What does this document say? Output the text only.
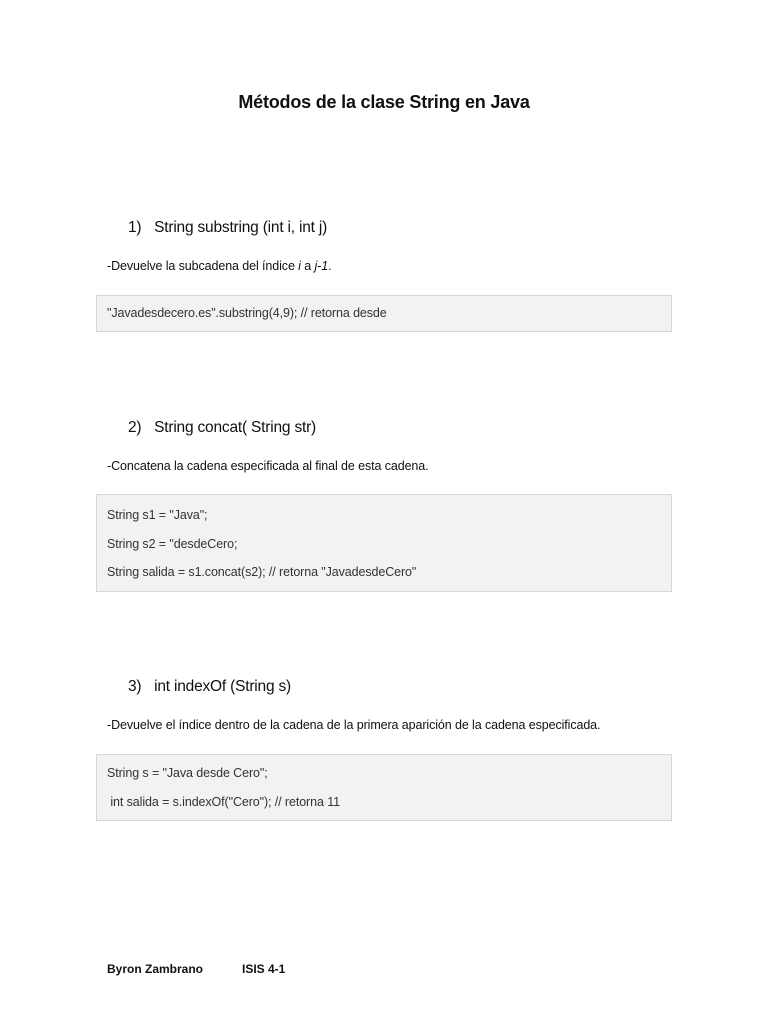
Métodos de la clase String en Java
1) String substring (int i, int j)
-Devuelve la subcadena del índice i a j-1.
"Javadesdecero.es".substring(4,9); // retorna desde
2) String concat( String str)
-Concatena la cadena especificada al final de esta cadena.
String s1 = "Java";
String s2 = "desdeCero;
String salida = s1.concat(s2); // retorna "JavadesdeCero"
3) int indexOf (String s)
-Devuelve el índice dentro de la cadena de la primera aparición de la cadena especificada.
String s = "Java desde Cero";
int salida = s.indexOf("Cero"); // retorna 11
Byron Zambrano	ISIS 4-1
